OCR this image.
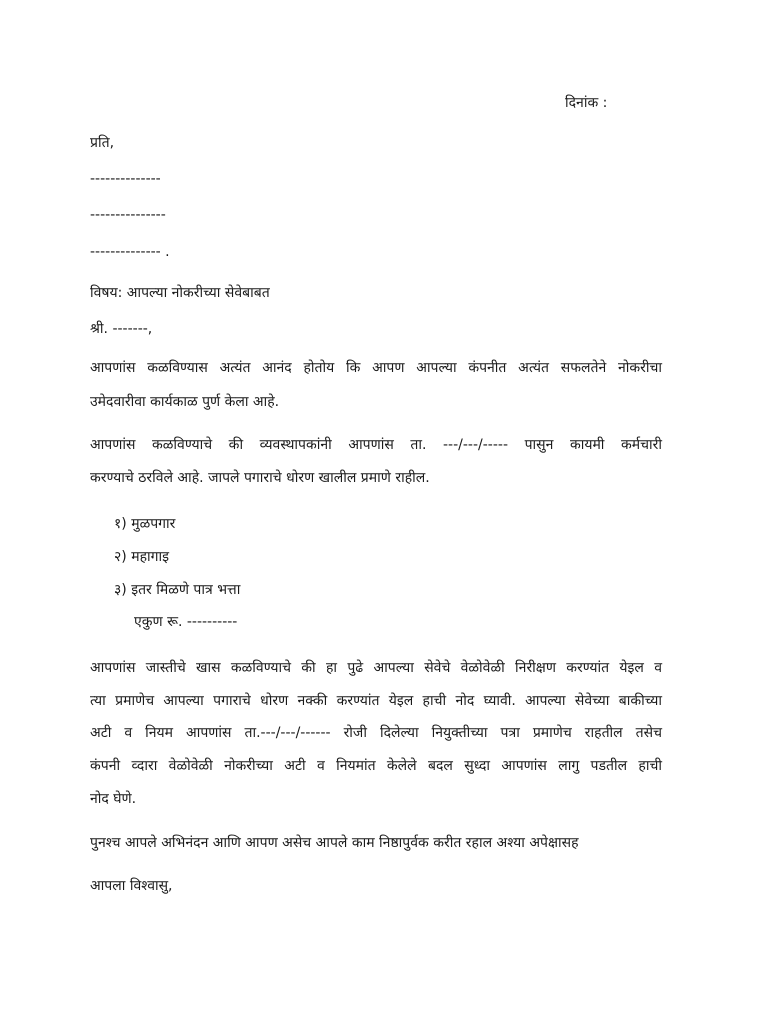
दिनांक :
प्रति,
--------------
---------------
-------------- .
विषय: आपल्या नोकरीच्या सेवेबाबत
श्री. -------,
आपणांस कळविण्यास अत्यंत आनंद होतोय कि आपण आपल्या कंपनीत अत्यंत सफलतेने नोकरीचा
उमेदवारीवा कार्यकाळ पुर्ण केला आहे.
आपणांस कळविण्याचे की व्यवस्थापकांनी आपणांस ता. ---/---/----- पासुन कायमी कर्मचारी
करण्याचे ठरविले आहे. जापले पगाराचे धोरण खालील प्रमाणे राहील.
१) मुळपगार
२) महागाइ
३) इतर मिळणे पात्र भत्ता
एकुण रू. ----------
आपणांस जास्तीचे खास कळविण्याचे की हा पुढे आपल्या सेवेचे वेळोवेळी निरीक्षण करण्यांत येइल व
त्या प्रमाणेच आपल्या पगाराचे धोरण नक्की करण्यांत येइल हाची नोद घ्यावी. आपल्या सेवेच्या बाकीच्या
अटी व नियम आपणांस ता.---/---/------ रोजी दिलेल्या नियुक्तीच्या पत्रा प्रमाणेच राहतील तसेच
कंपनी व्दारा वेळोवेळी नोकरीच्या अटी व नियमांत केलेले बदल सुध्दा आपणांस लागु पडतील हाची
नोद घेणे.
पुनश्च आपले अभिनंदन आणि आपण असेच आपले काम निष्ठापुर्वक करीत रहाल अश्या अपेक्षासह
आपला विश्वासु,
